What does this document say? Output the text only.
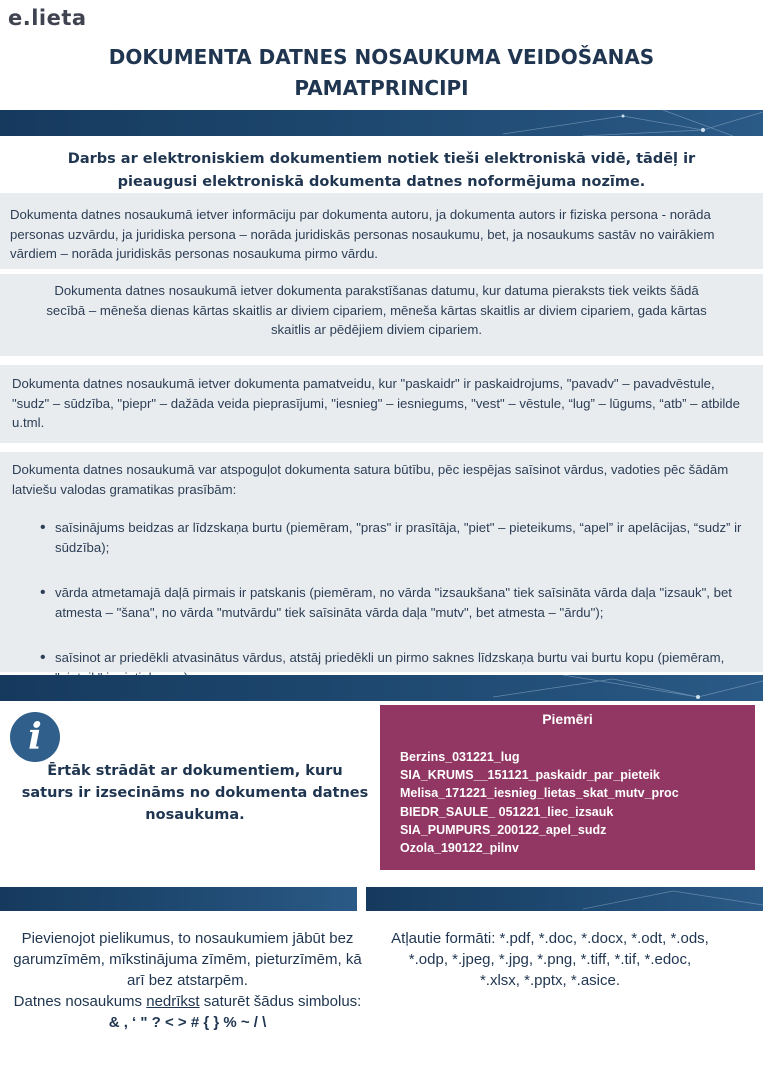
e.lieta
DOKUMENTA DATNES NOSAUKUMA VEIDOŠANAS PAMATPRINCIPI
Darbs ar elektroniskiem dokumentiem notiek tieši elektroniskā vidē, tādēļ ir pieaugusi elektroniskā dokumenta datnes noformējuma nozīme.

Dokumenta datnes nosaukumā ietver informāciju par dokumenta autoru, ja dokumenta autors ir fiziska persona - norāda personas uzvārdu, ja juridiska persona – norāda juridiskās personas nosaukumu, bet, ja nosaukums sastāv no vairākiem vārdiem – norāda juridiskās personas nosaukuma pirmo vārdu.

Dokumenta datnes nosaukumā ietver dokumenta parakstīšanas datumu, kur datuma pieraksts tiek veikts šādā secībā – mēneša dienas kārtas skaitlis ar diviem cipariem, mēneša kārtas skaitlis ar diviem cipariem, gada kārtas skaitlis ar pēdējiem diviem cipariem.

Dokumenta datnes nosaukumā ietver dokumenta pamatveidu, kur "paskaidr" ir paskaidrojums, "pavadv" – pavadvēstule, "sudz" – sūdzība, "piepr" – dažāda veida pieprasījumi, "iesnieg" – iesniegums, "vest" – vēstule, “lug” – lūgums, “atb” – atbilde u.tml.

Dokumenta datnes nosaukumā var atspoguļot dokumenta satura būtību, pēc iespējas saīsinot vārdus, vadoties pēc šādām latviešu valodas gramatikas prasībām:

• saīsinājums beidzas ar līdzskaņa burtu (piemēram, "pras" ir prasītāja, "piet" – pieteikums, “apel” ir apelācijas, “sudz” ir sūdzība);
• vārda atmetamajā daļā pirmais ir patskanis (piemēram, no vārda "izsaukšana" tiek saīsināta vārda daļa "izsauk", bet atmesta – "šana", no vārda "mutvārdu" tiek saīsināta vārda daļa "mutv", bet atmesta – "ārdu");
• saīsinot ar priedēkli atvasinātus vārdus, atstāj priedēkli un pirmo saknes līdzskaņa burtu vai burtu kopu (piemēram,
i
Ērtāk strādāt ar dokumentiem, kuru saturs ir izsecināms no dokumenta datnes nosaukuma.
Piemēri
Berzins_031221_lug
SIA_KRUMS__151121_paskaidr_par_pieteik
Melisa_171221_iesnieg_lietas_skat_mutv_proc
BIEDR_SAULE_ 051221_liec_izsauk
SIA_PUMPURS_200122_apel_sudz
Ozola_190122_pilnv
Pievienojot pielikumus, to nosaukumiem jābūt bez garumzīmēm, mīkstinājuma zīmēm, pieturzīmēm, kā arī bez atstarpēm.
Datnes nosaukums nedrīkst saturēt šādus simbolus: & , ‘ " ? < > # { } % ~ / \
Atļautie formāti: *.pdf, *.doc, *.docx, *.odt, *.ods, *.odp, *.jpeg, *.jpg, *.png, *.tiff, *.tif, *.edoc, *.xlsx, *.pptx, *.asice.
